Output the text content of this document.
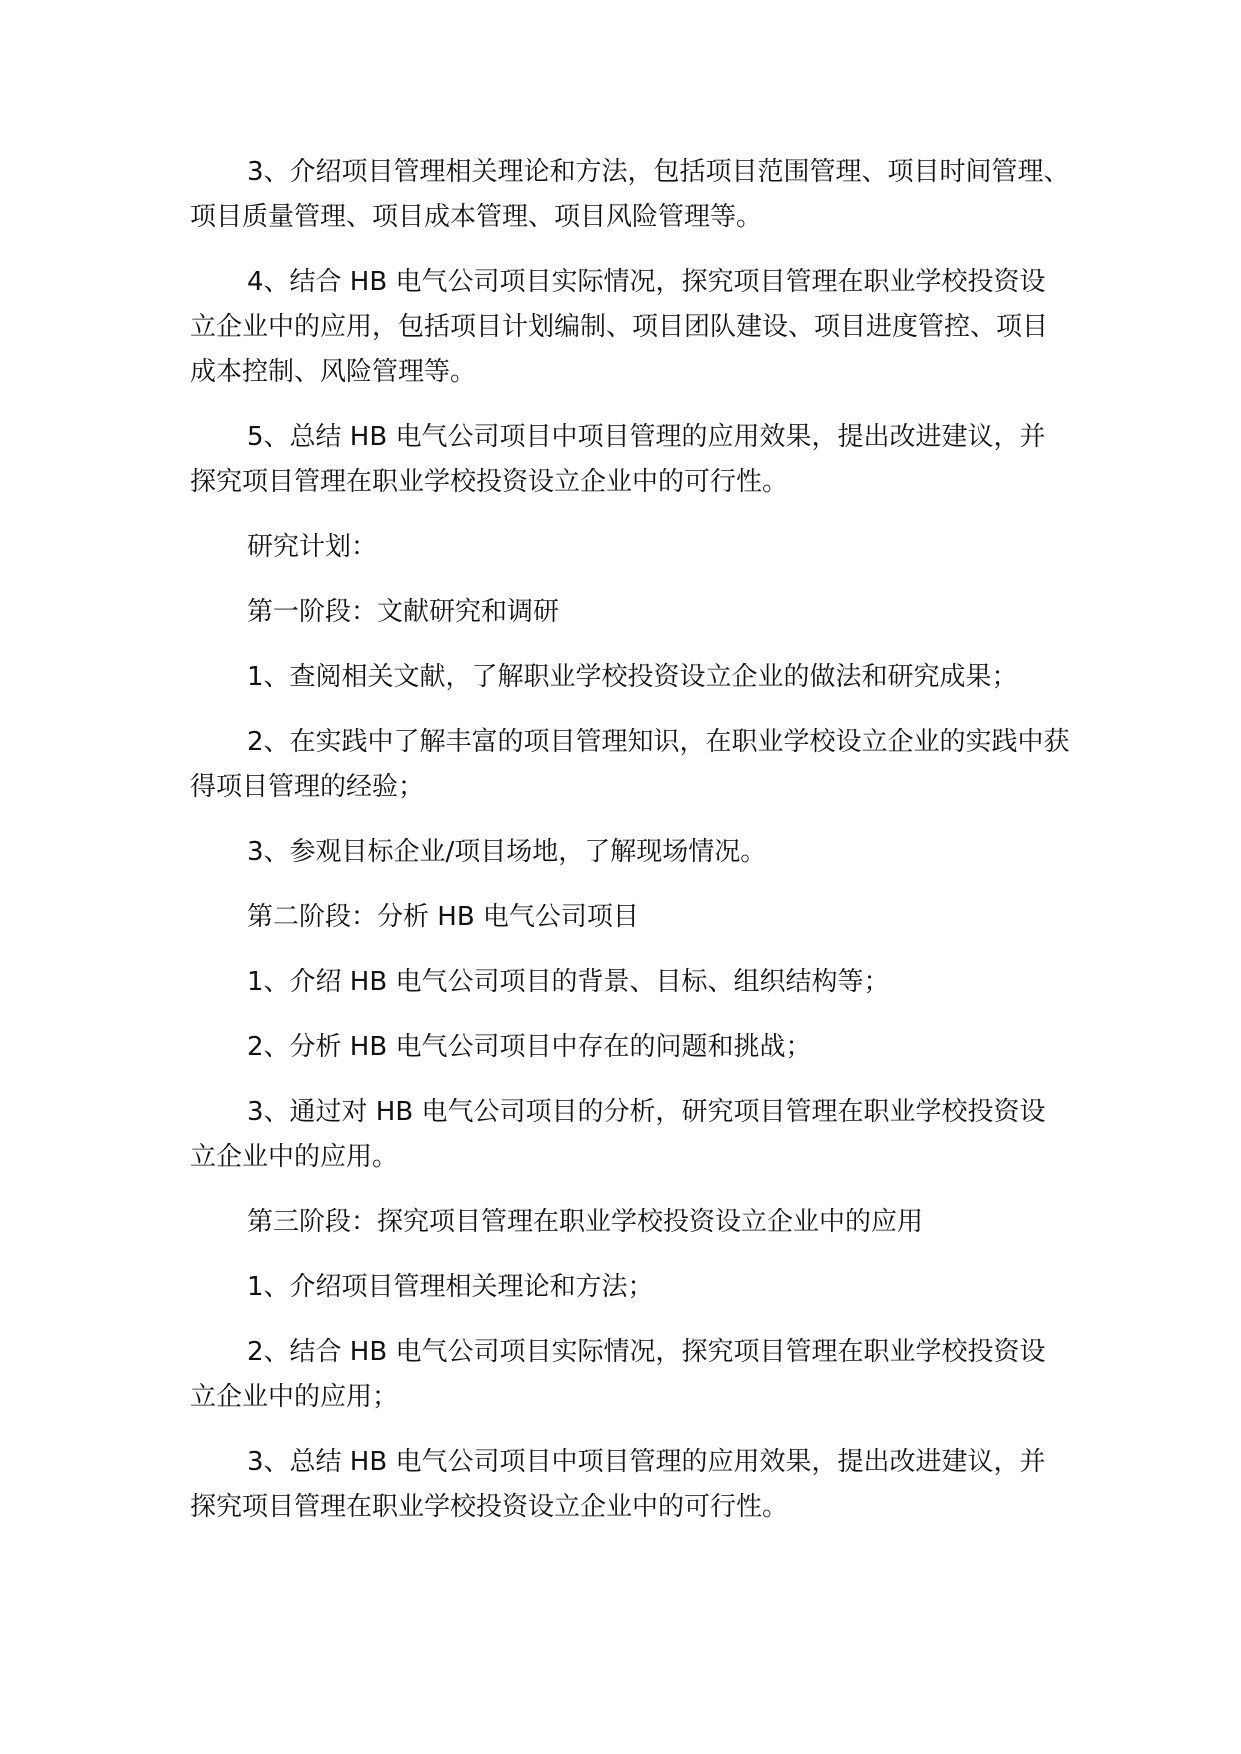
3、介绍项目管理相关理论和方法，包括项目范围管理、项目时间管理、项目质量管理、项目成本管理、项目风险管理等。

4、结合 HB 电气公司项目实际情况，探究项目管理在职业学校投资设立企业中的应用，包括项目计划编制、项目团队建设、项目进度管控、项目成本控制、风险管理等。

5、总结 HB 电气公司项目中项目管理的应用效果，提出改进建议，并探究项目管理在职业学校投资设立企业中的可行性。

研究计划：

第一阶段：文献研究和调研

1、查阅相关文献，了解职业学校投资设立企业的做法和研究成果；

2、在实践中了解丰富的项目管理知识，在职业学校设立企业的实践中获得项目管理的经验；

3、参观目标企业/项目场地，了解现场情况。

第二阶段：分析 HB 电气公司项目

1、介绍 HB 电气公司项目的背景、目标、组织结构等；

2、分析 HB 电气公司项目中存在的问题和挑战；

3、通过对 HB 电气公司项目的分析，研究项目管理在职业学校投资设立企业中的应用。

第三阶段：探究项目管理在职业学校投资设立企业中的应用

1、介绍项目管理相关理论和方法；

2、结合 HB 电气公司项目实际情况，探究项目管理在职业学校投资设立企业中的应用；

3、总结 HB 电气公司项目中项目管理的应用效果，提出改进建议，并探究项目管理在职业学校投资设立企业中的可行性。
